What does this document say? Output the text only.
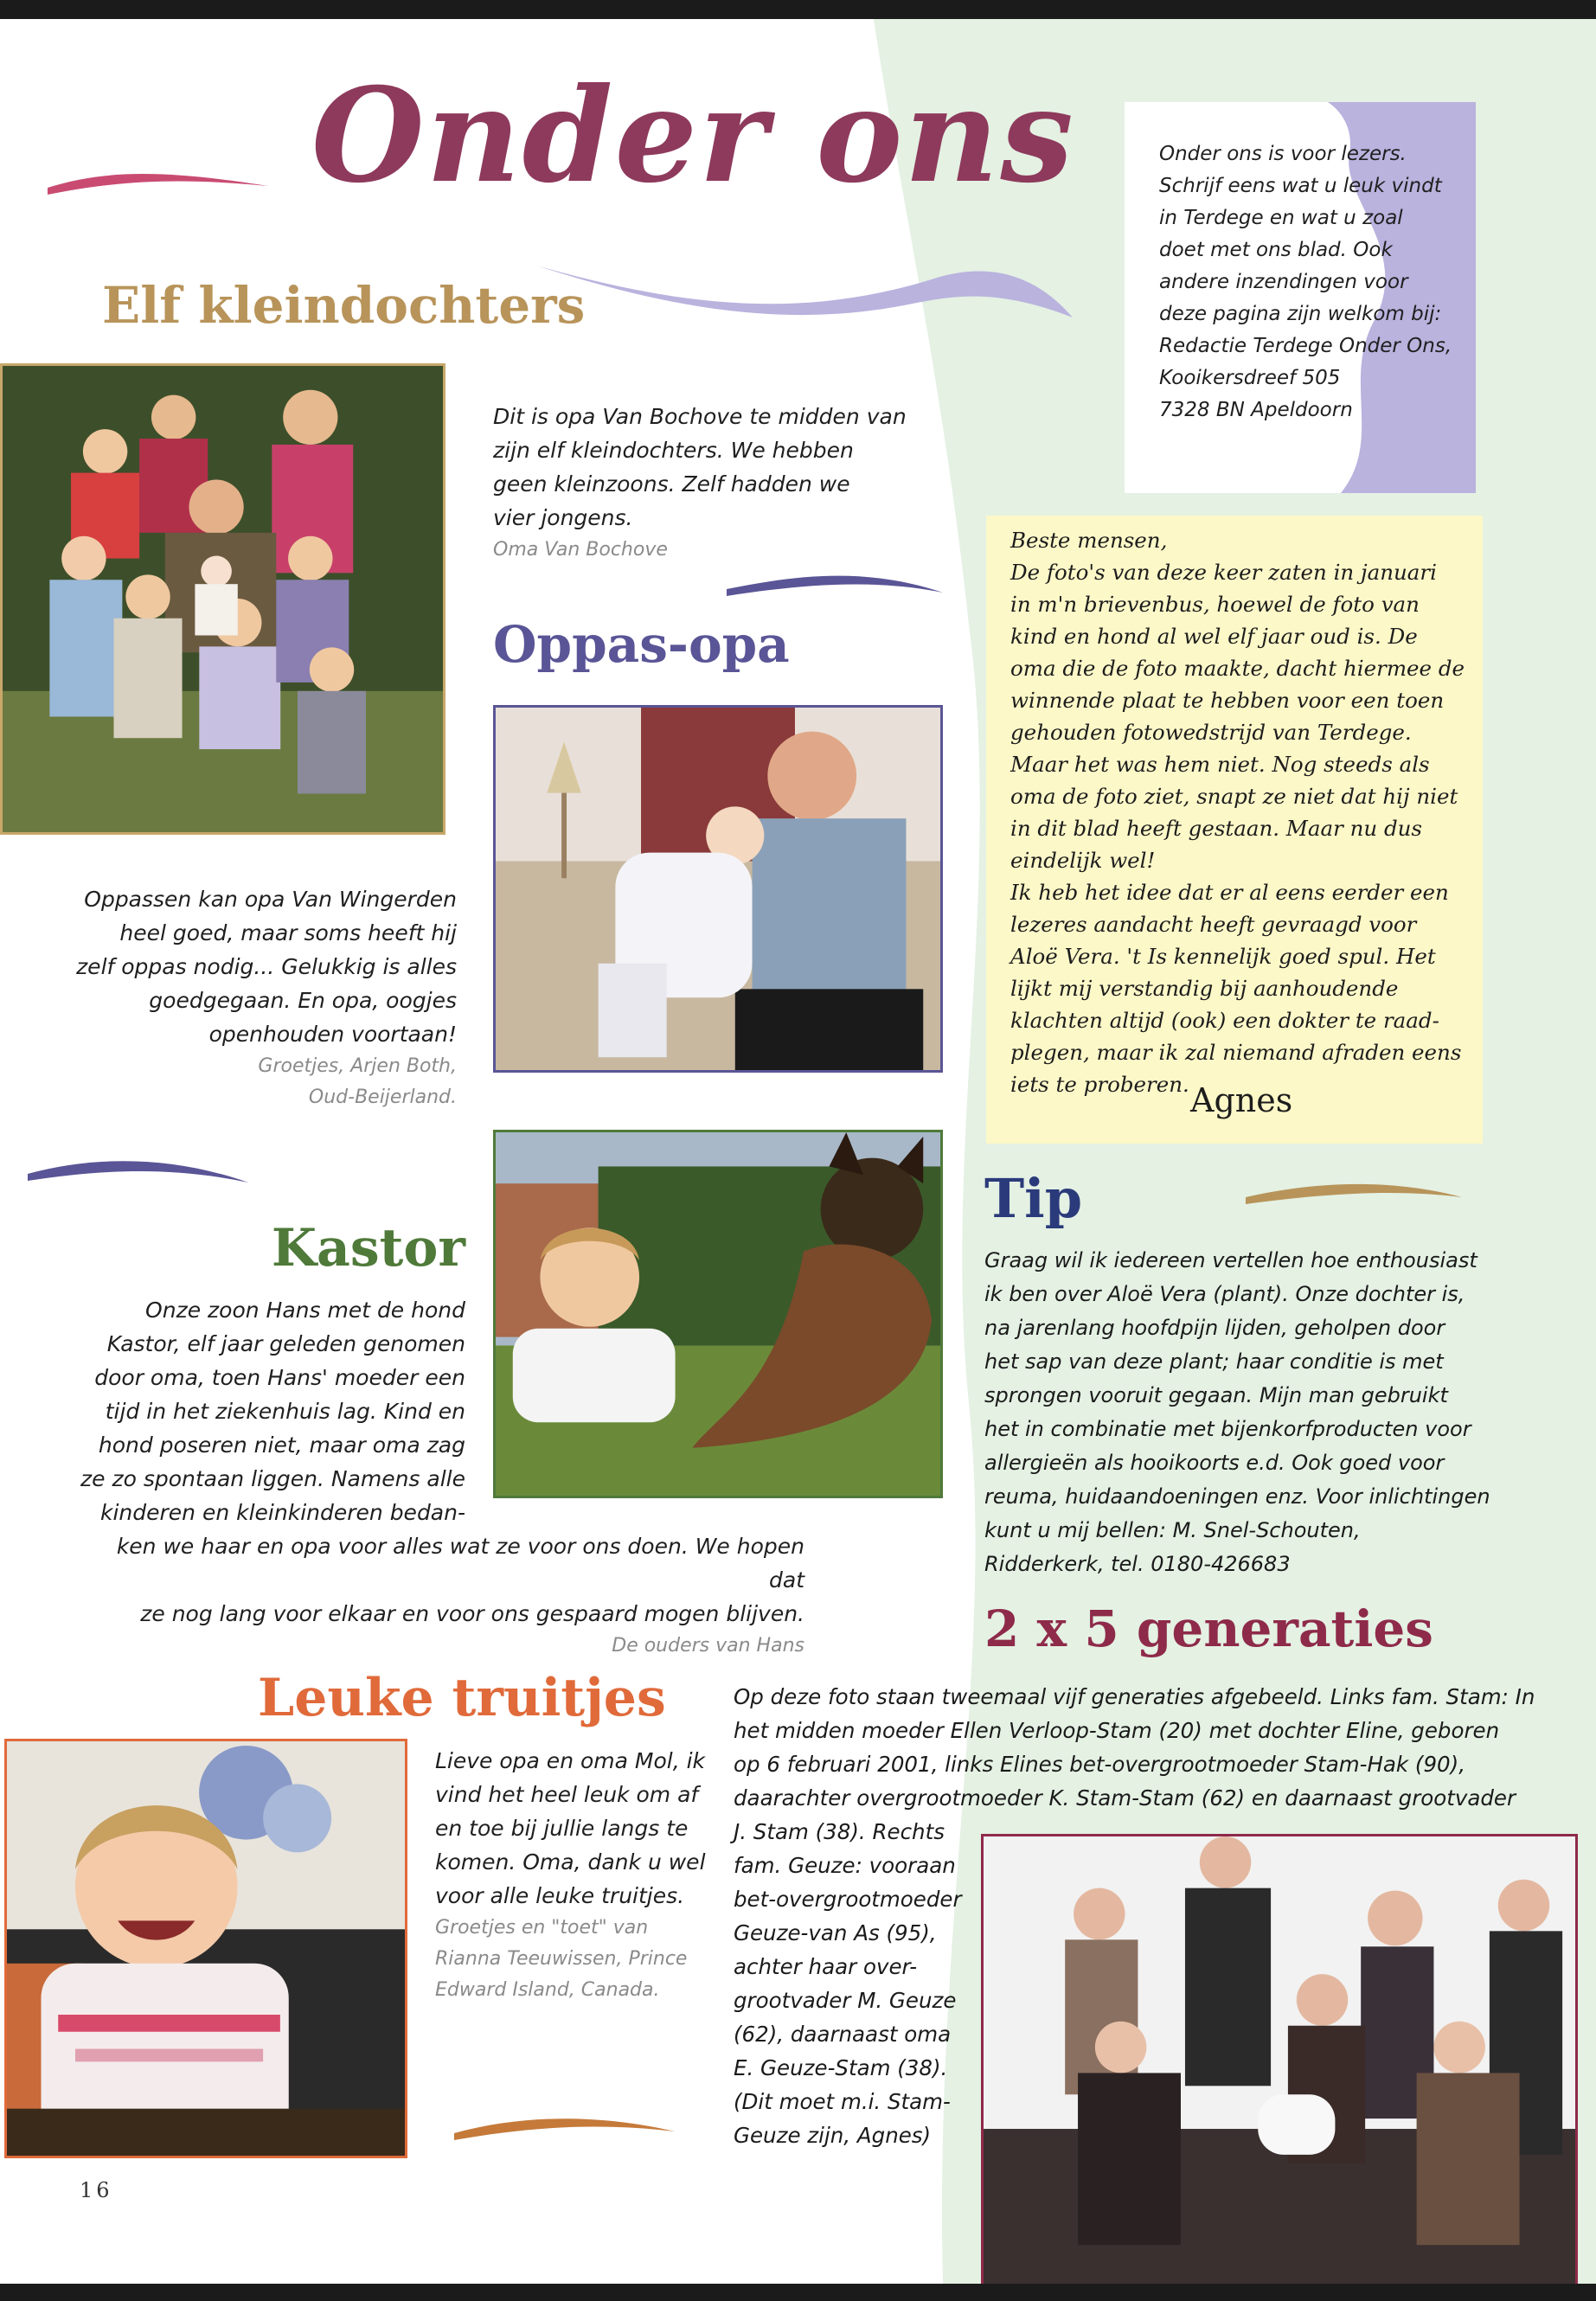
Onder ons	Onder ons is voor lezers.
Schrijf eens wat u leuk vindt
in Terdege en wat u zoal
doet met ons blad. Ook
andere inzendingen voor
deze pagina zijn welkom bij:
Redactie Terdege Onder Ons,
Kooikersdreef 505
7328 BN Apeldoorn
Elf kleindochters
Dit is opa Van Bochove te midden van
zijn elf kleindochters. We hebben
geen kleinzoons. Zelf hadden we
vier jongens.
Oma Van Bochove
Oppas-opa
Oppassen kan opa Van Wingerden
heel goed, maar soms heeft hij
zelf oppas nodig... Gelukkig is alles
goedgegaan. En opa, oogjes
openhouden voortaan!
Groetjes, Arjen Both,
Oud-Beijerland.
Beste mensen,
De foto's van deze keer zaten in januari
in m'n brievenbus, hoewel de foto van
kind en hond al wel elf jaar oud is. De
oma die de foto maakte, dacht hiermee de
winnende plaat te hebben voor een toen
gehouden fotowedstrijd van Terdege.
Maar het was hem niet. Nog steeds als
oma de foto ziet, snapt ze niet dat hij niet
in dit blad heeft gestaan. Maar nu dus
eindelijk wel!
Ik heb het idee dat er al eens eerder een
lezeres aandacht heeft gevraagd voor
Aloë Vera. 't Is kennelijk goed spul. Het
lijkt mij verstandig bij aanhoudende
klachten altijd (ook) een dokter te raad-
plegen, maar ik zal niemand afraden eens
iets te proberen. Agnes
Kastor
Onze zoon Hans met de hond
Kastor, elf jaar geleden genomen
door oma, toen Hans' moeder een
tijd in het ziekenhuis lag. Kind en
hond poseren niet, maar oma zag
ze zo spontaan liggen. Namens alle
kinderen en kleinkinderen bedan-
ken we haar en opa voor alles wat ze voor ons doen. We hopen dat
ze nog lang voor elkaar en voor ons gespaard mogen blijven.
De ouders van Hans
Tip
Graag wil ik iedereen vertellen hoe enthousiast
ik ben over Aloë Vera (plant). Onze dochter is,
na jarenlang hoofdpijn lijden, geholpen door
het sap van deze plant; haar conditie is met
sprongen vooruit gegaan. Mijn man gebruikt
het in combinatie met bijenkorfproducten voor
allergieën als hooikoorts e.d. Ook goed voor
reuma, huidaandoeningen enz. Voor inlichtingen
kunt u mij bellen: M. Snel-Schouten,
Ridderkerk, tel. 0180-426683
Leuke truitjes
Lieve opa en oma Mol, ik
vind het heel leuk om af
en toe bij jullie langs te
komen. Oma, dank u wel
voor alle leuke truitjes.
Groetjes en "toet" van
Rianna Teeuwissen, Prince
Edward Island, Canada.
2 x 5 generaties
Op deze foto staan tweemaal vijf generaties afgebeeld. Links fam. Stam: In
het midden moeder Ellen Verloop-Stam (20) met dochter Eline, geboren
op 6 februari 2001, links Elines bet-overgrootmoeder Stam-Hak (90),
daarachter overgrootmoeder K. Stam-Stam (62) en daarnaast grootvader
J. Stam (38). Rechts
fam. Geuze: vooraan
bet-overgrootmoeder
Geuze-van As (95),
achter haar over-
grootvader M. Geuze
(62), daarnaast oma
E. Geuze-Stam (38).
(Dit moet m.i. Stam-
Geuze zijn, Agnes)
16
